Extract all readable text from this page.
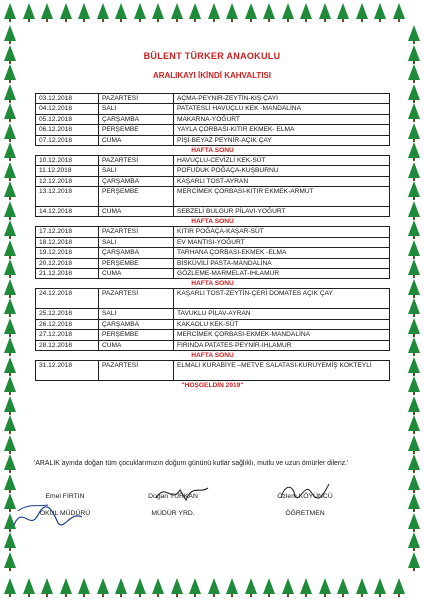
BÜLENT TÜRKER ANAOKULU
ARALIKAYI İKİNDİ KAHVALTISI
03.12.2018	PAZARTESİ	AÇMA-PEYNİR-ZEYTİN-KIŞ ÇAYI
04.12.2018	SALI	PATATESLİ HAVUÇLU KEK -MANDALİNA
05.12.2018	ÇARŞAMBA	MAKARNA-YOĞURT
06.12.2018	PERŞEMBE	YAYLA ÇORBASI-KITIR EKMEK- ELMA
07.12.2018	CUMA	PİŞİ-BEYAZ PEYNİR-AÇIK ÇAY
HAFTA SONU		
10.12.2018	PAZARTESİ	HAVUÇLU-CEVİZLİ KEK-SÜT
11.12.2018	SALI	POFUDUK POĞAÇA-KUŞBURNU
12.12.2018	ÇARŞAMBA	KAŞARLI TOST-AYRAN
13.12.2018	PERŞEMBE	MERCİMEK ÇORBASI-KITIR EKMEK-ARMUT
14.12.2018	CUMA	SEBZELİ BULGUR PİLAVI-YOĞURT
HAFTA SONU		
17.12.2018	PAZARTESİ	KITIR POĞAÇA-KAŞAR-SÜT
18.12.2018	SALI	EV MANTISI-YOĞURT
19.12.2018	ÇARŞAMBA	TARHANA ÇORBASI-EKMEK -ELMA
20.12.2018	PERŞEMBE	BİSKÜVİLİ PASTA-MANDALİNA
21.12.2018	CUMA	GÖZLEME-MARMELAT-IHLAMUR
HAFTA SONU		
24.12.2018	PAZARTESİ	KAŞARLI TOST-ZEYTİN-ÇERİ DOMATES AÇIK ÇAY
25.12.2018	SALI	TAVUKLU PİLAV-AYRAN
26.12.2018	ÇARŞAMBA	KAKAOLU KEK-SÜT
27.12.2018	PERŞEMBE	MERCİMEK ÇORBASI-EKMEK-MANDALİNA
28.12.2018	CUMA	FIRINDA PATATES-PEYNİR-IHLAMUR
HAFTA SONU		
31.12.2018	PAZARTESİ	ELMALI KURABİYE –METVE SALATASI-KURUYEMİŞ KOKTEYLİ
"HOŞGELDİN 2019"		
'ARALIK ayında doğan tüm çocuklarımızın doğum gününü kutlar sağlıklı, mutlu ve uzun ömürler dileriz.'
Emel FIRTIN
OKUL MÜDÜRÜ
Doğan TÜRKAN
MÜDÜR YRD.
Özlem KÖYÜNCÜ
ÖĞRETMEN
